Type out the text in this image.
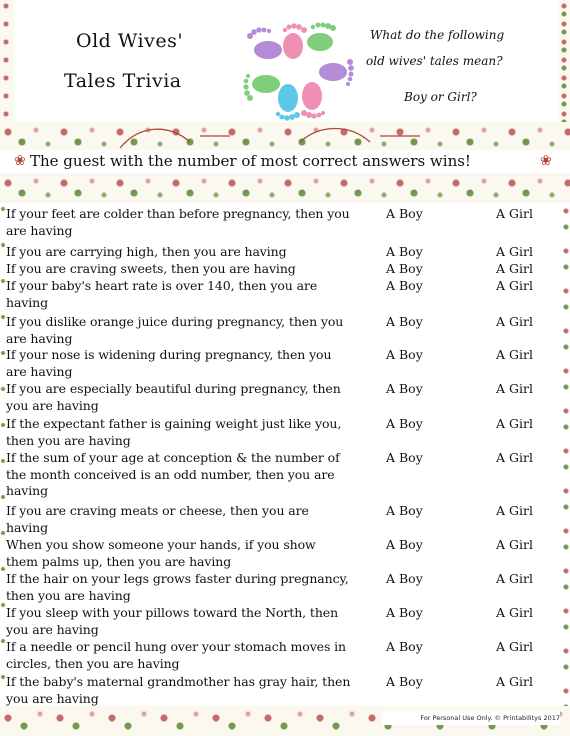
Old Wives'
Tales Trivia
What do the following
old wives' tales mean?
Boy or Girl?
❀ The guest with the number of most correct answers wins!	❀
If your feet are colder than before pregnancy, then you are having
A Boy	A Girl
If you are carrying high, then you are having	A Boy	A Girl
If you are craving sweets, then you are having	A Boy	A Girl
If your baby's heart rate is over 140, then you are having
A Boy	A Girl
If you dislike orange juice during pregnancy, then you are having
A Boy	A Girl
If your nose is widening during pregnancy, then you are having
A Boy	A Girl
If you are especially beautiful during pregnancy, then you are having
A Boy	A Girl
If the expectant father is gaining weight just like you, then you are having
A Boy	A Girl
If the sum of your age at conception & the number of the month conceived is an odd number, then you are having
A Boy	A Girl
If you are craving meats or cheese, then you are having
A Boy	A Girl
When you show someone your hands, if you show them palms up, then you are having
A Boy	A Girl
If the hair on your legs grows faster during pregnancy, then you are having
A Boy	A Girl
If you sleep with your pillows toward the North, then you are having
A Boy	A Girl
If a needle or pencil hung over your stomach moves in circles, then you are having
A Boy	A Girl
If the baby's maternal grandmother has gray hair, then you are having
A Boy	A Girl
For Personal Use Only. © Printabilitys 2017
